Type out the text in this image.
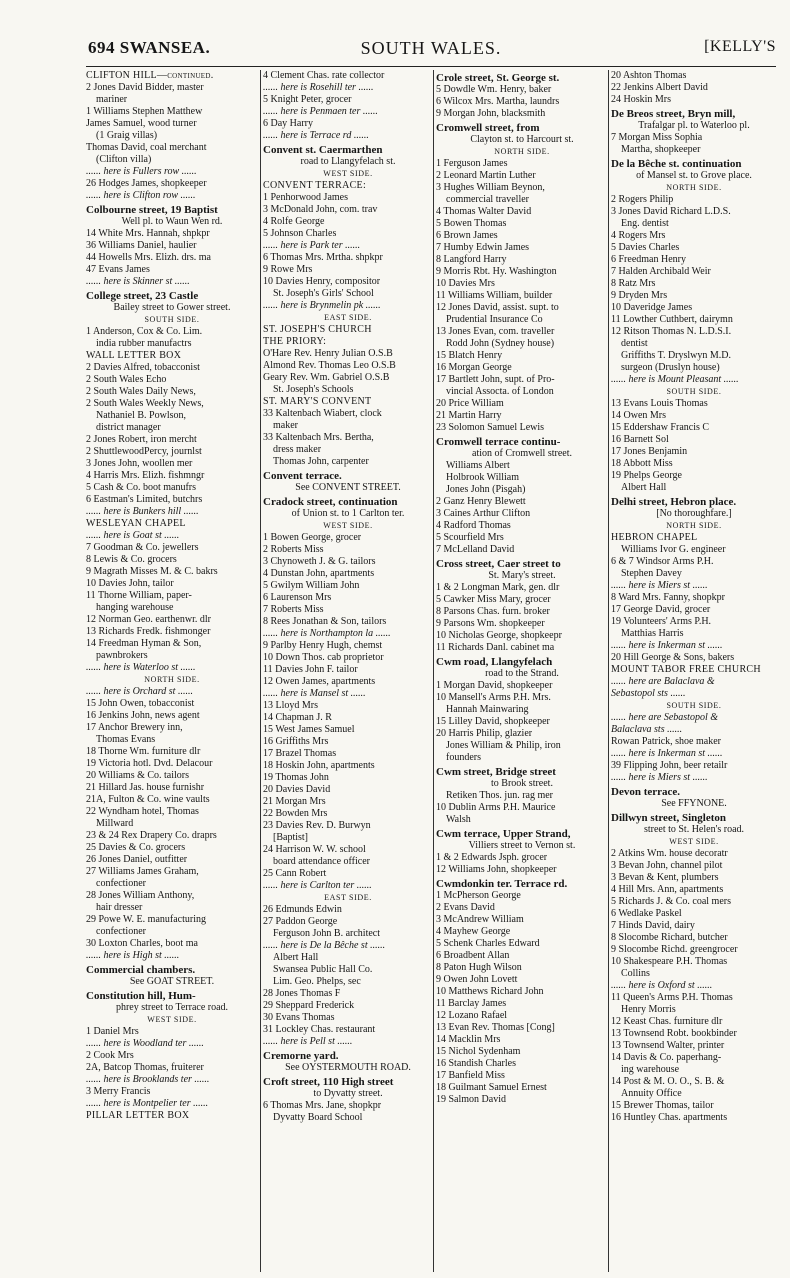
694 SWANSEA.	SOUTH WALES.	[KELLY'S
CLIFTON HILL—continued.
2 Jones David Bidder, master
mariner
1 Williams Stephen Matthew
James Samuel, wood turner
(1 Graig villas)
Thomas David, coal merchant
(Clifton villa)
...... here is Fullers row ......
26 Hodges James, shopkeeper
...... here is Clifton row ......
Colbourne street, 19 Baptist
Well pl. to Waun Wen rd.
14 White Mrs. Hannah, shpkpr
36 Williams Daniel, haulier
44 Howells Mrs. Elizh. drs. ma
47 Evans James
...... here is Skinner st ......
College street, 23 Castle
Bailey street to Gower street.
SOUTH SIDE.
1 Anderson, Cox & Co. Lim.
india rubber manufactrs
WALL LETTER BOX
2 Davies Alfred, tobacconist
2 South Wales Echo
2 South Wales Daily News,
2 South Wales Weekly News,
Nathaniel B. Powlson,
district manager
2 Jones Robert, iron mercht
2 ShuttlewoodPercy, journlst
3 Jones John, woollen mer
4 Harris Mrs. Elizh. fishmngr
5 Cash & Co. boot manufrs
6 Eastman's Limited, butchrs
...... here is Bunkers hill ......
WESLEYAN CHAPEL
...... here is Goat st ......
7 Goodman & Co. jewellers
8 Lewis & Co. grocers
9 Magrath Misses M. & C. bakrs
10 Davies John, tailor
11 Thorne William, paper-
hanging warehouse
12 Norman Geo. earthenwr. dlr
13 Richards Fredk. fishmonger
14 Freedman Hyman & Son,
pawnbrokers
...... here is Waterloo st ......
NORTH SIDE.
...... here is Orchard st ......
15 John Owen, tobacconist
16 Jenkins John, news agent
17 Anchor Brewery inn,
Thomas Evans
18 Thorne Wm. furniture dlr
19 Victoria hotl. Dvd. Delacour
20 Williams & Co. tailors
21 Hillard Jas. house furnishr
21A, Fulton & Co. wine vaults
22 Wyndham hotel, Thomas
Millward
23 & 24 Rex Drapery Co. draprs
25 Davies & Co. grocers
26 Jones Daniel, outfitter
27 Williams James Graham,
confectioner
28 Jones William Anthony,
hair dresser
29 Powe W. E. manufacturing
confectioner
30 Loxton Charles, boot ma
...... here is High st ......
Commercial chambers.
See GOAT STREET.
Constitution hill, Hum-
phrey street to Terrace road.
WEST SIDE.
1 Daniel Mrs
...... here is Woodland ter ......
2 Cook Mrs
2A, Batcop Thomas, fruiterer
...... here is Brooklands ter ......
3 Merry Francis
...... here is Montpelier ter ......
PILLAR LETTER BOX
4 Clement Chas. rate collector
...... here is Rosehill ter ......
5 Knight Peter, grocer
...... here is Penmaen ter ......
6 Day Harry
...... here is Terrace rd ......
Convent st. Caermarthen
road to Llangyfelach st.
WEST SIDE.
CONVENT TERRACE:
1 Penhorwood James
3 McDonald John, com. trav
4 Rolfe George
5 Johnson Charles
...... here is Park ter ......
6 Thomas Mrs. Mrtha. shpkpr
9 Rowe Mrs
10 Davies Henry, compositor
St. Joseph's Girls' School
...... here is Brynmelin pk ......
EAST SIDE.
ST. JOSEPH'S CHURCH
THE PRIORY:
O'Hare Rev. Henry Julian O.S.B
Almond Rev. Thomas Leo O.S.B
Geary Rev. Wm. Gabriel O.S.B
St. Joseph's Schools
ST. MARY'S CONVENT
33 Kaltenbach Wiabert, clock
maker
33 Kaltenbach Mrs. Bertha,
dress maker
Thomas John, carpenter
Convent terrace.
See CONVENT STREET.
Cradock street, continuation
of Union st. to 1 Carlton ter.
WEST SIDE.
1 Bowen George, grocer
2 Roberts Miss
3 Chynoweth J. & G. tailors
4 Dunstan John, apartments
5 Gwilym William John
6 Laurenson Mrs
7 Roberts Miss
8 Rees Jonathan & Son, tailors
...... here is Northampton la ......
9 Parlby Henry Hugh, chemst
10 Down Thos. cab proprietor
11 Davies John F. tailor
12 Owen James, apartments
...... here is Mansel st ......
13 Lloyd Mrs
14 Chapman J. R
15 West James Samuel
16 Griffiths Mrs
17 Brazel Thomas
18 Hoskin John, apartments
19 Thomas John
20 Davies David
21 Morgan Mrs
22 Bowden Mrs
23 Davies Rev. D. Burwyn
[Baptist]
24 Harrison W. W. school
board attendance officer
25 Cann Robert
...... here is Carlton ter ......
EAST SIDE.
26 Edmunds Edwin
27 Paddon George
Ferguson John B. architect
...... here is De la Bêche st ......
Albert Hall
Swansea Public Hall Co.
Lim. Geo. Phelps, sec
28 Jones Thomas F
29 Sheppard Frederick
30 Evans Thomas
31 Lockley Chas. restaurant
...... here is Pell st ......
Cremorne yard.
See OYSTERMOUTH ROAD.
Croft street, 110 High street
to Dyvatty street.
6 Thomas Mrs. Jane, shopkpr
Dyvatty Board School
Crole street, St. George st.
5 Dowdle Wm. Henry, baker
6 Wilcox Mrs. Martha, laundrs
9 Morgan John, blacksmith
Cromwell street, from
Clayton st. to Harcourt st.
NORTH SIDE.
1 Ferguson James
2 Leonard Martin Luther
3 Hughes William Beynon,
commercial traveller
4 Thomas Walter David
5 Bowen Thomas
6 Brown James
7 Humby Edwin James
8 Langford Harry
9 Morris Rbt. Hy. Washington
10 Davies Mrs
11 Williams William, builder
12 Jones David, assist. supt. to
Prudential Insurance Co
13 Jones Evan, com. traveller
Rodd John (Sydney house)
15 Blatch Henry
16 Morgan George
17 Bartlett John, supt. of Pro-
vincial Assocta. of London
20 Price William
21 Martin Harry
23 Solomon Samuel Lewis
Cromwell terrace continu-
ation of Cromwell street.
Williams Albert
Holbrook William
Jones John (Pisgah)
2 Ganz Henry Blewett
3 Caines Arthur Clifton
4 Radford Thomas
5 Scourfield Mrs
7 McLelland David
Cross street, Caer street to
St. Mary's street.
1 & 2 Longman Mark, gen. dlr
5 Cawker Miss Mary, grocer
8 Parsons Chas. furn. broker
9 Parsons Wm. shopkeeper
10 Nicholas George, shopkeepr
11 Richards Danl. cabinet ma
Cwm road, Llangyfelach
road to the Strand.
1 Morgan David, shopkeeper
10 Mansell's Arms P.H. Mrs.
Hannah Mainwaring
15 Lilley David, shopkeeper
20 Harris Philip, glazier
Jones William & Philip, iron
founders
Cwm street, Bridge street
to Brook street.
Retiken Thos. jun. rag mer
10 Dublin Arms P.H. Maurice
Walsh
Cwm terrace, Upper Strand,
Villiers street to Vernon st.
1 & 2 Edwards Jsph. grocer
12 Williams John, shopkeeper
Cwmdonkin ter. Terrace rd.
1 McPherson George
2 Evans David
3 McAndrew William
4 Mayhew George
5 Schenk Charles Edward
6 Broadbent Allan
8 Paton Hugh Wilson
9 Owen John Lovett
10 Matthews Richard John
11 Barclay James
12 Lozano Rafael
13 Evan Rev. Thomas [Cong]
14 Macklin Mrs
15 Nichol Sydenham
16 Standish Charles
17 Banfield Miss
18 Guilmant Samuel Ernest
19 Salmon David
20 Ashton Thomas
22 Jenkins Albert David
24 Hoskin Mrs
De Breos street, Bryn mill,
Trafalgar pl. to Waterloo pl.
7 Morgan Miss Sophia
Martha, shopkeeper
De la Bêche st. continuation
of Mansel st. to Grove place.
NORTH SIDE.
2 Rogers Philip
3 Jones David Richard L.D.S.
Eng. dentist
4 Rogers Mrs
5 Davies Charles
6 Freedman Henry
7 Halden Archibald Weir
8 Ratz Mrs
9 Dryden Mrs
10 Daveridge James
11 Lowther Cuthbert, dairymn
12 Ritson Thomas N. L.D.S.I.
dentist
Griffiths T. Dryslwyn M.D.
surgeon (Druslyn house)
...... here is Mount Pleasant ......
SOUTH SIDE.
13 Evans Louis Thomas
14 Owen Mrs
15 Eddershaw Francis C
16 Barnett Sol
17 Jones Benjamin
18 Abbott Miss
19 Phelps George
Albert Hall
Delhi street, Hebron place.
[No thoroughfare.]
NORTH SIDE.
HEBRON CHAPEL
Williams Ivor G. engineer
6 & 7 Windsor Arms P.H.
Stephen Davey
...... here is Miers st ......
8 Ward Mrs. Fanny, shopkpr
17 George David, grocer
19 Volunteers' Arms P.H.
Matthias Harris
...... here is Inkerman st ......
20 Hill George & Sons, bakers
MOUNT TABOR FREE CHURCH
...... here are Balaclava &
Sebastopol sts ......
SOUTH SIDE.
...... here are Sebastopol &
Balaclava sts ......
Rowan Patrick, shoe maker
...... here is Inkerman st ......
39 Flipping John, beer retailr
...... here is Miers st ......
Devon terrace.
See FFYNONE.
Dillwyn street, Singleton
street to St. Helen's road.
WEST SIDE.
2 Atkins Wm. house decoratr
3 Bevan John, channel pilot
3 Bevan & Kent, plumbers
4 Hill Mrs. Ann, apartments
5 Richards J. & Co. coal mers
6 Wedlake Paskel
7 Hinds David, dairy
8 Slocombe Richard, butcher
9 Slocombe Richd. greengrocer
10 Shakespeare P.H. Thomas
Collins
...... here is Oxford st ......
11 Queen's Arms P.H. Thomas
Henry Morris
12 Keast Chas. furniture dlr
13 Townsend Robt. bookbinder
13 Townsend Walter, printer
14 Davis & Co. paperhang-
ing warehouse
14 Post & M. O. O., S. B. &
Annuity Office
15 Brewer Thomas, tailor
16 Huntley Chas. apartments
